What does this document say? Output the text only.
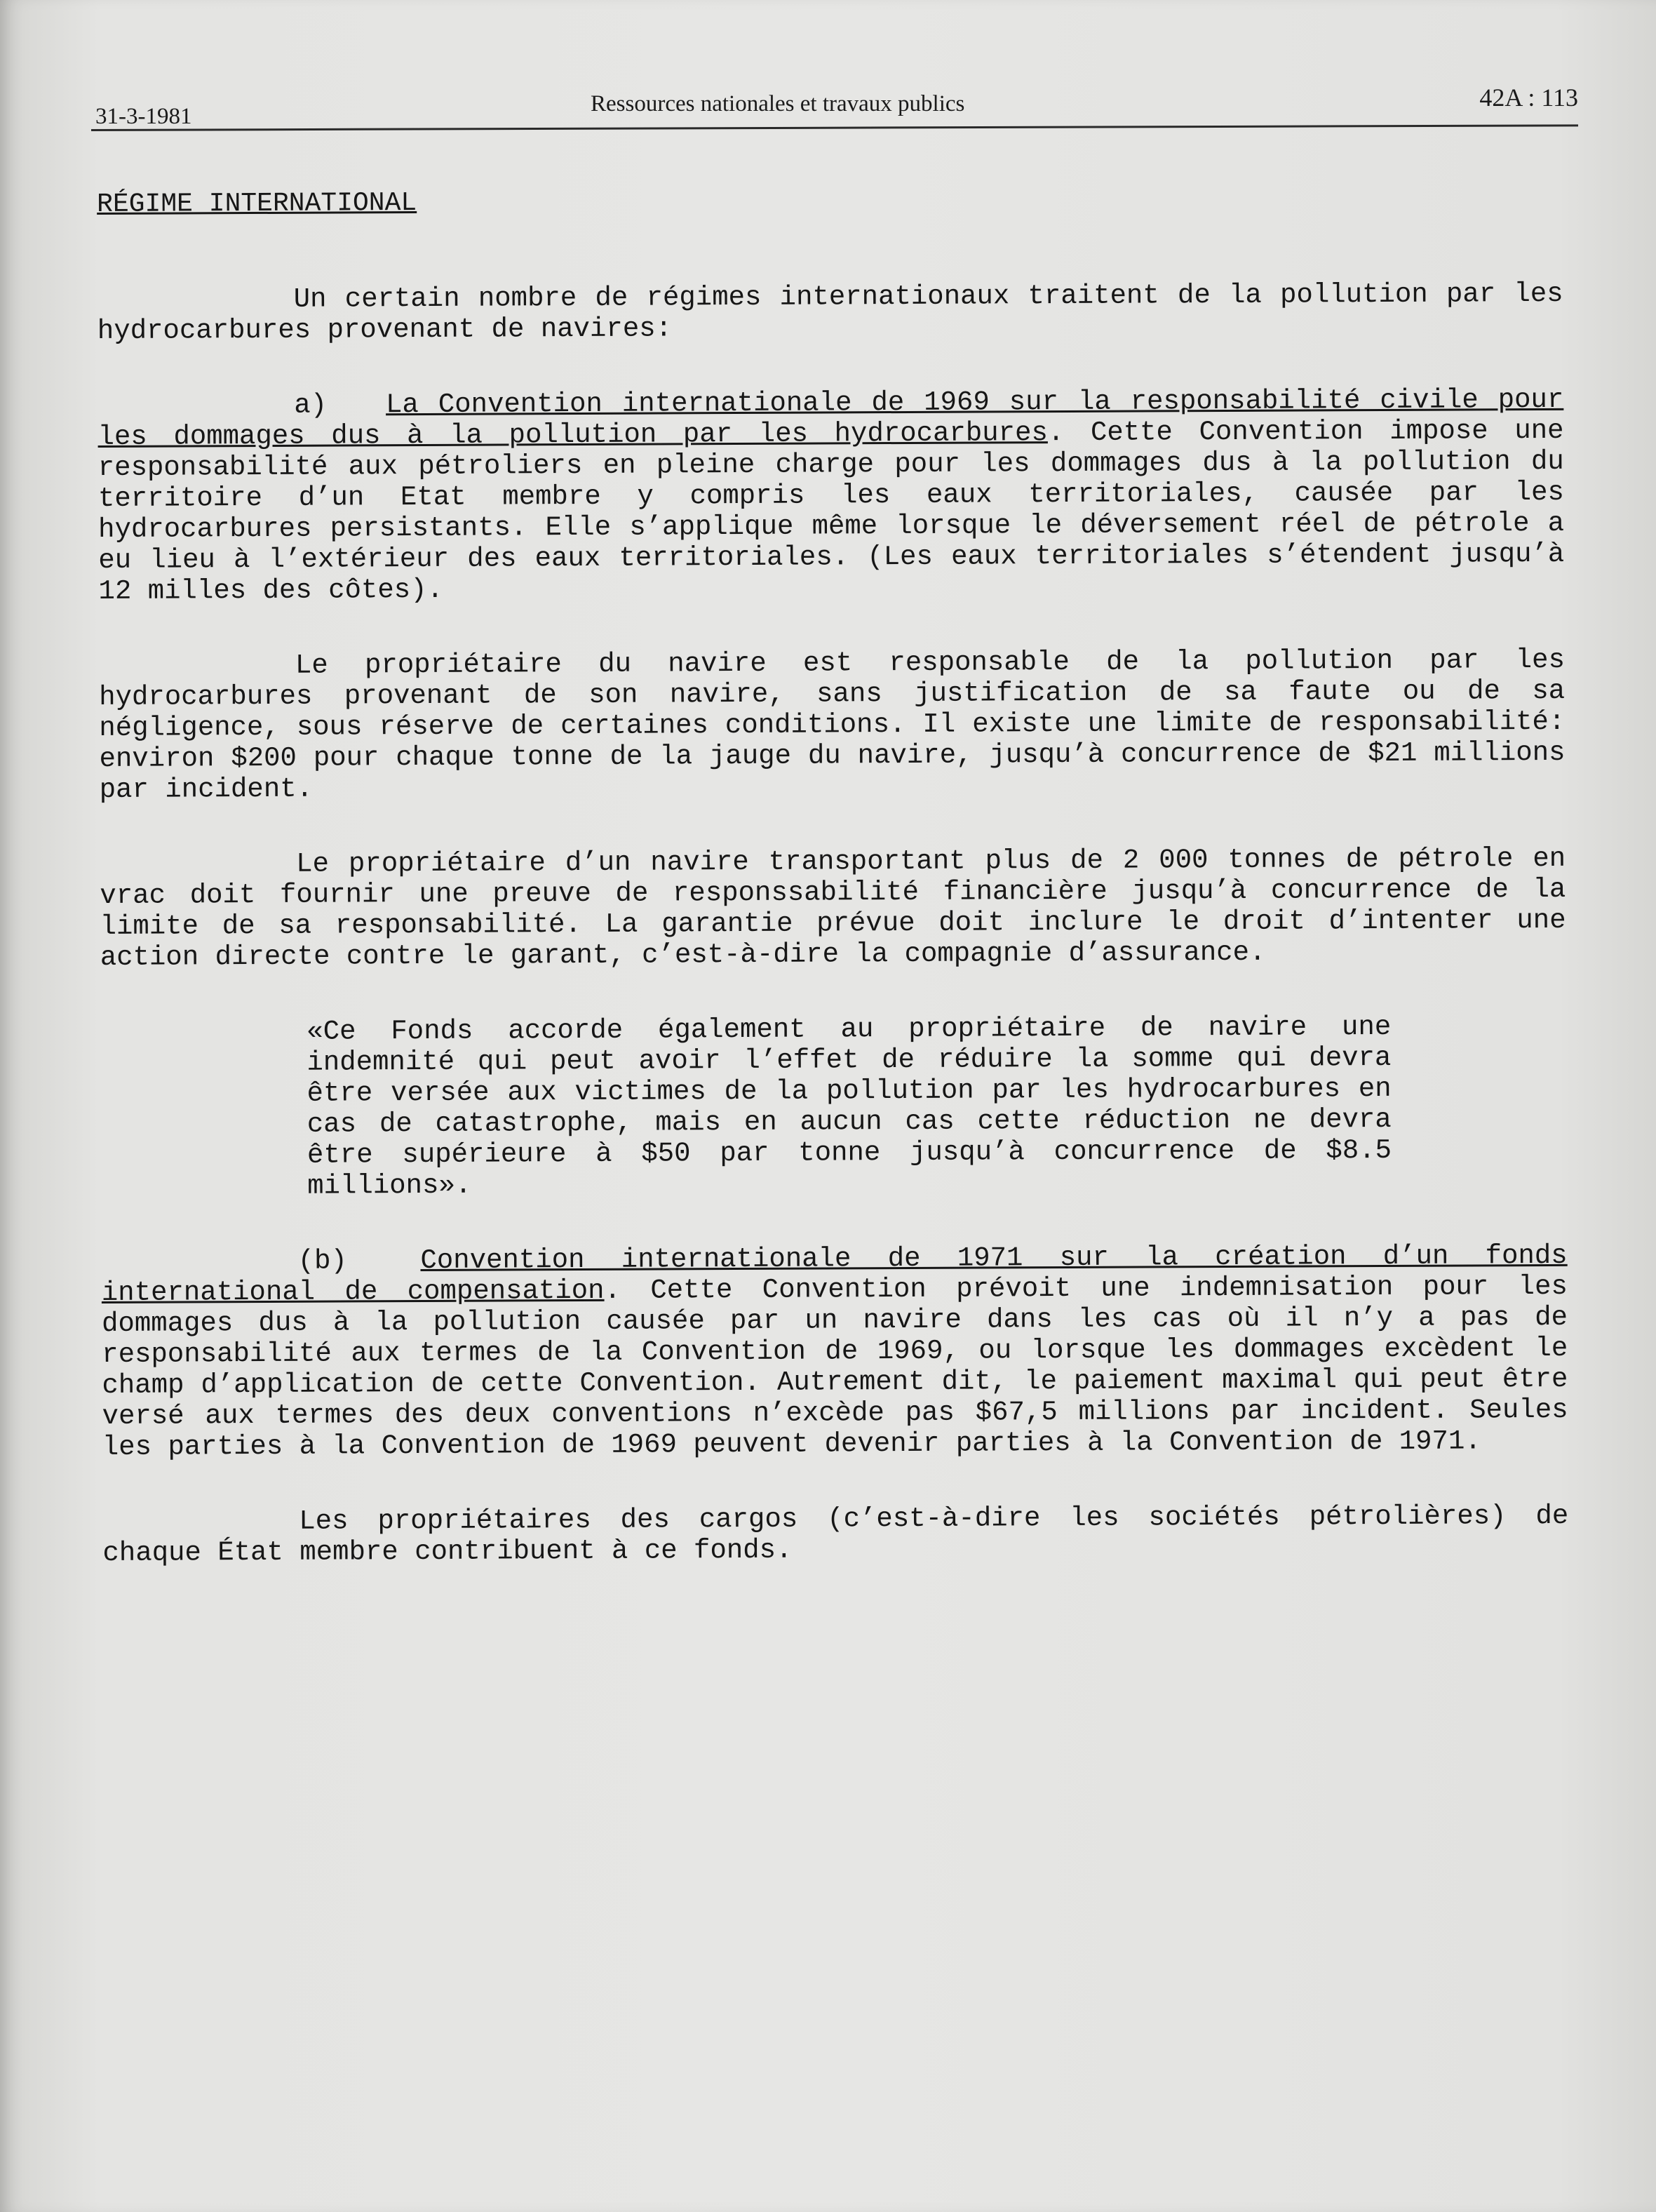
31-3-1981	Ressources nationales et travaux publics	42A : 113
RÉGIME INTERNATIONAL

Un certain nombre de régimes internationaux traitent de la pollution par les hydrocarbures provenant de navires:

a) La Convention internationale de 1969 sur la responsabilité civile pour les dommages dus à la pollution par les hydrocarbures. Cette Convention impose une responsabilité aux pétroliers en pleine charge pour les dommages dus à la pollution du territoire d’un Etat membre y compris les eaux territoriales, causée par les hydrocarbures persistants. Elle s’applique même lorsque le déversement réel de pétrole a eu lieu à l’extérieur des eaux territoriales. (Les eaux territoriales s’étendent jusqu’à 12 milles des côtes).

Le propriétaire du navire est responsable de la pollution par les hydrocarbures provenant de son navire, sans justification de sa faute ou de sa négligence, sous réserve de certaines conditions. Il existe une limite de responsabilité: environ $200 pour chaque tonne de la jauge du navire, jusqu’à concurrence de $21 millions par incident.

Le propriétaire d’un navire transportant plus de 2 000 tonnes de pétrole en vrac doit fournir une preuve de responssabilité financière jusqu’à concurrence de la limite de sa responsabilité. La garantie prévue doit inclure le droit d’intenter une action directe contre le garant, c’est-à-dire la compagnie d’assurance.

«Ce Fonds accorde également au propriétaire de navire une indemnité qui peut avoir l’effet de réduire la somme qui devra être versée aux victimes de la pollution par les hydrocarbures en cas de catastrophe, mais en aucun cas cette réduction ne devra être supérieure à $50 par tonne jusqu’à concurrence de $8.5 millions».

(b)	Convention internationale de 1971 sur la création d’un fonds international de compensation. Cette Convention prévoit une indemnisation pour les dommages dus à la pollution causée par un navire dans les cas où il n’y a pas de responsabilité aux termes de la Convention de 1969, ou lorsque les dommages excèdent le champ d’application de cette Convention. Autrement dit, le paiement maximal qui peut être versé aux termes des deux conventions n’excède pas $67,5 millions par incident. Seules les parties à la Convention de 1969 peuvent devenir parties à la Convention de 1971.

Les propriétaires des cargos (c’est-à-dire les sociétés pétrolières) de chaque État membre contribuent à ce fonds.
